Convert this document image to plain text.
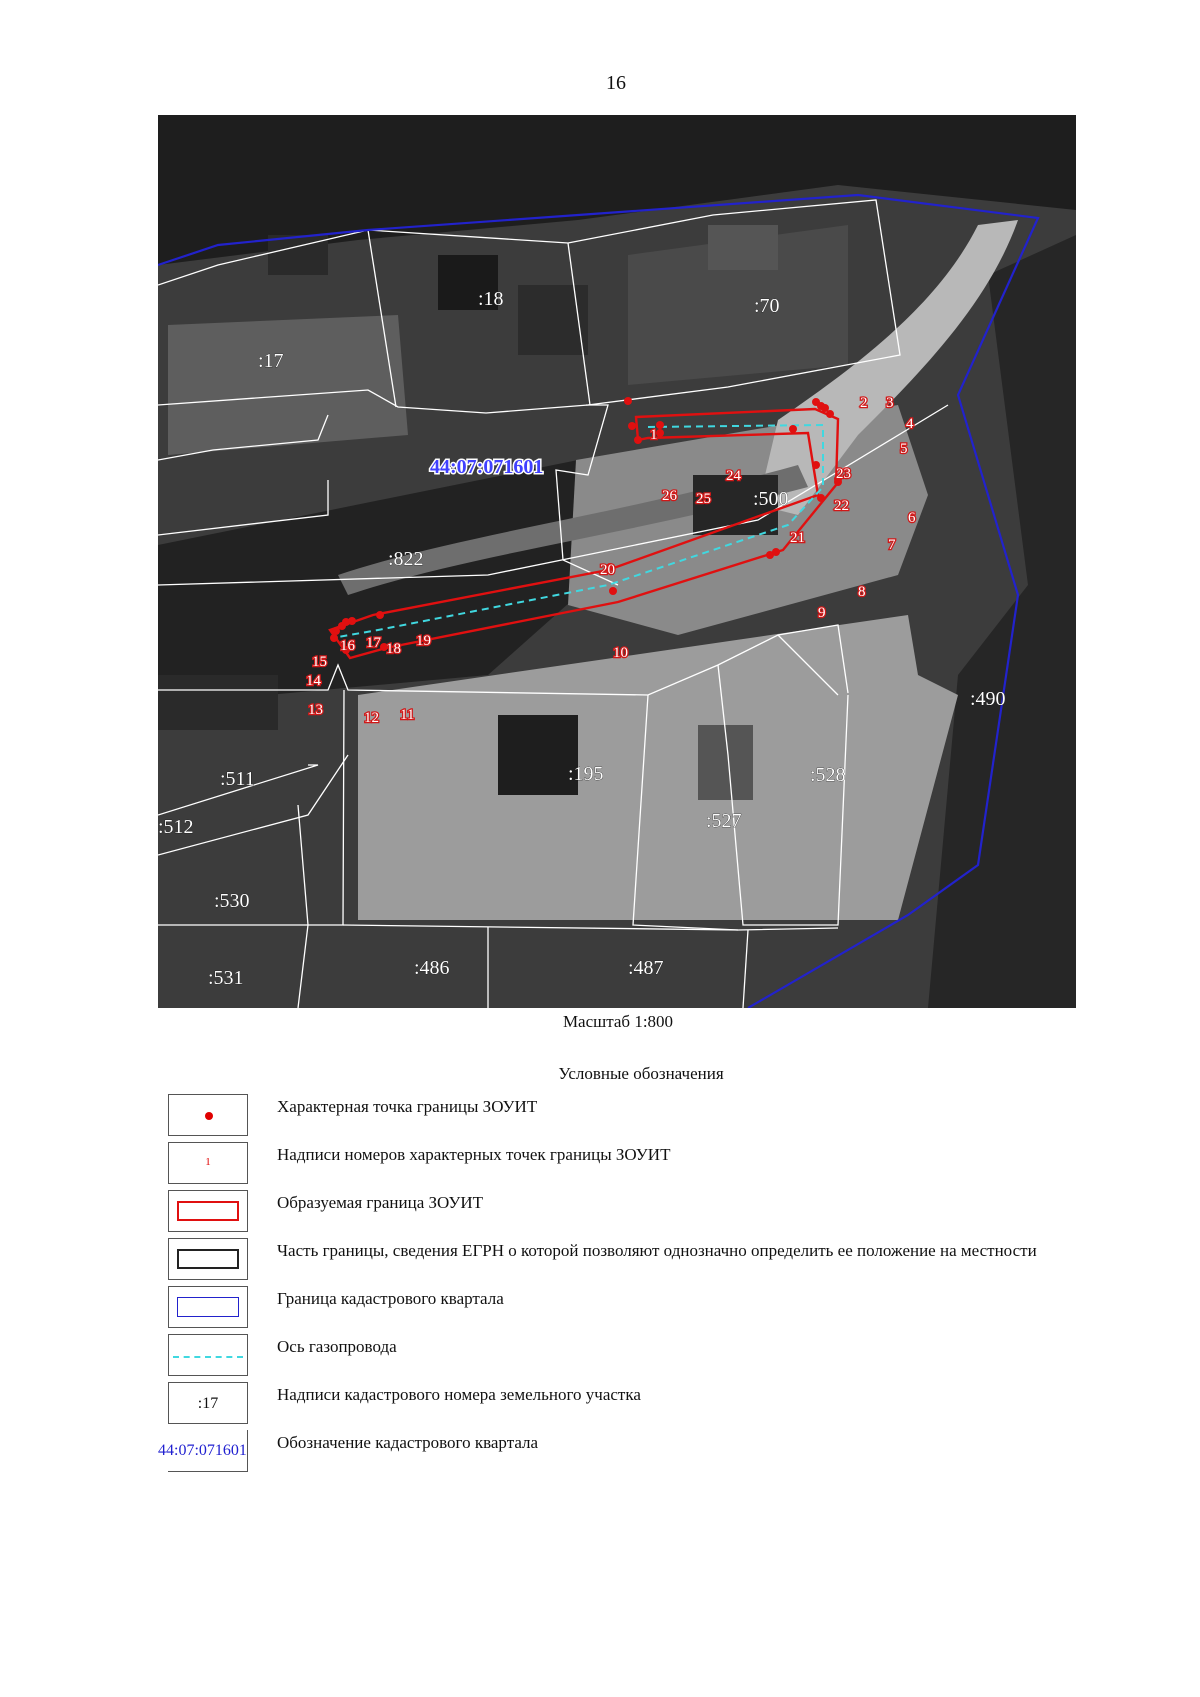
16
1
2 3
4
5
6
7
8
9
10
11
12
13
14
15
16 17 18 19
20
21
22
23
24
25
26
:17
:18	:70
:500
:822
:490
:511
:512
:195
:527
:528
:530
:531	:486	:487
44:07:071601
Масштаб 1:800
Условные обозначения
Характерная точка границы ЗОУИТ
1	Надписи номеров характерных точек границы ЗОУИТ
Образуемая граница ЗОУИТ
Часть границы, сведения ЕГРН о которой позволяют однозначно определить ее положение на местности
Граница кадастрового квартала
Ось газопровода
:17	Надписи кадастрового номера земельного участка
44:07:071601 Обозначение кадастрового квартала
